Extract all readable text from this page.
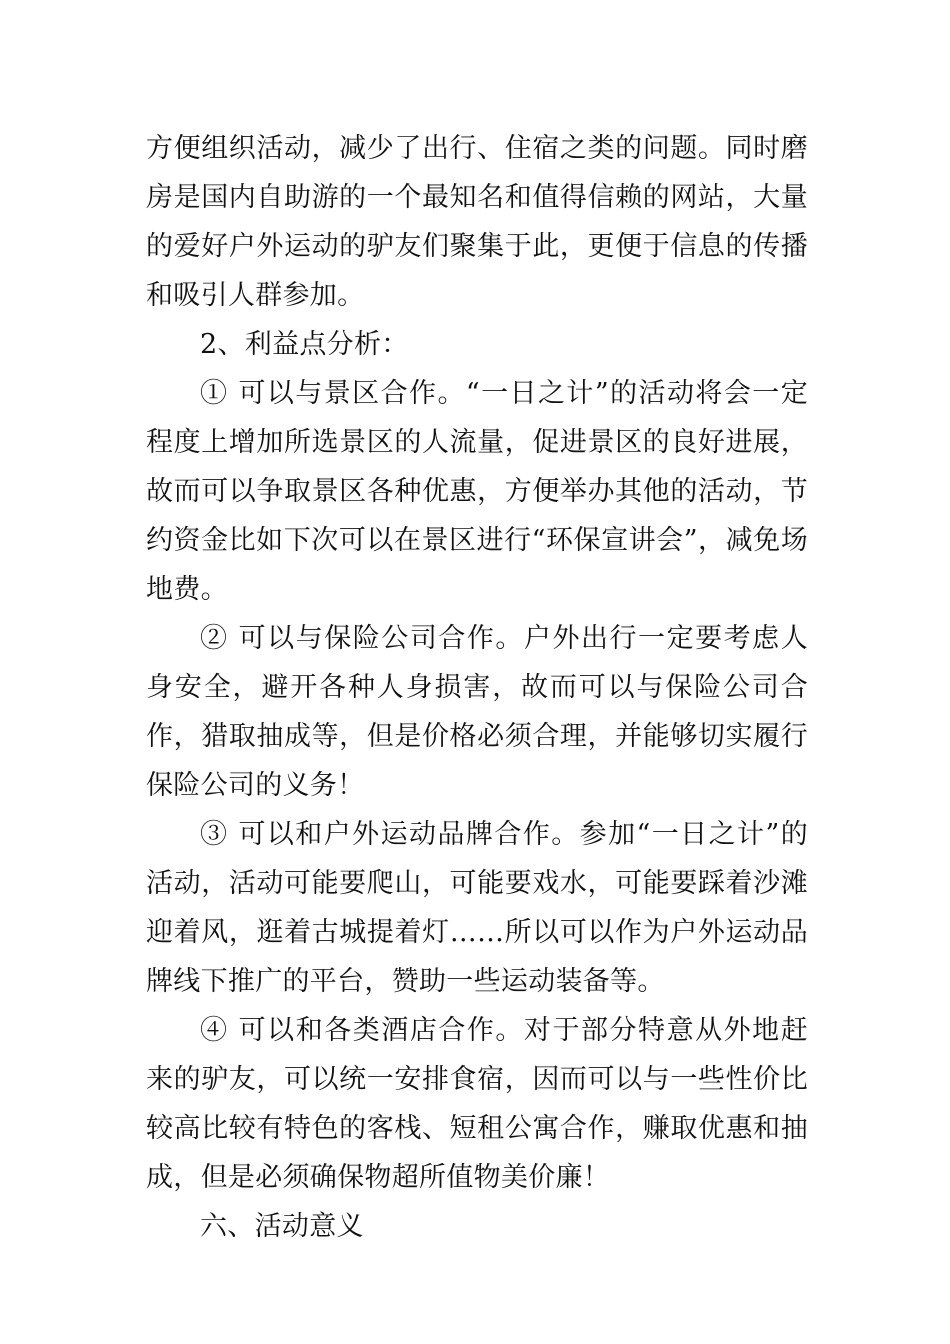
方便组织活动，减少了出行、住宿之类的问题。同时磨房是国内自助游的一个最知名和值得信赖的网站，大量的爱好户外运动的驴友们聚集于此，更便于信息的传播和吸引人群参加。

2、利益点分析：

① 可以与景区合作。“一日之计”的活动将会一定程度上增加所选景区的人流量，促进景区的良好进展，故而可以争取景区各种优惠，方便举办其他的活动，节约资金比如下次可以在景区进行“环保宣讲会”，减免场地费。

② 可以与保险公司合作。户外出行一定要考虑人身安全，避开各种人身损害，故而可以与保险公司合作，猎取抽成等，但是价格必须合理，并能够切实履行保险公司的义务！

③ 可以和户外运动品牌合作。参加“一日之计”的活动，活动可能要爬山，可能要戏水，可能要踩着沙滩迎着风，逛着古城提着灯……所以可以作为户外运动品牌线下推广的平台，赞助一些运动装备等。

④ 可以和各类酒店合作。对于部分特意从外地赶来的驴友，可以统一安排食宿，因而可以与一些性价比较高比较有特色的客栈、短租公寓合作，赚取优惠和抽成，但是必须确保物超所值物美价廉！

六、活动意义
